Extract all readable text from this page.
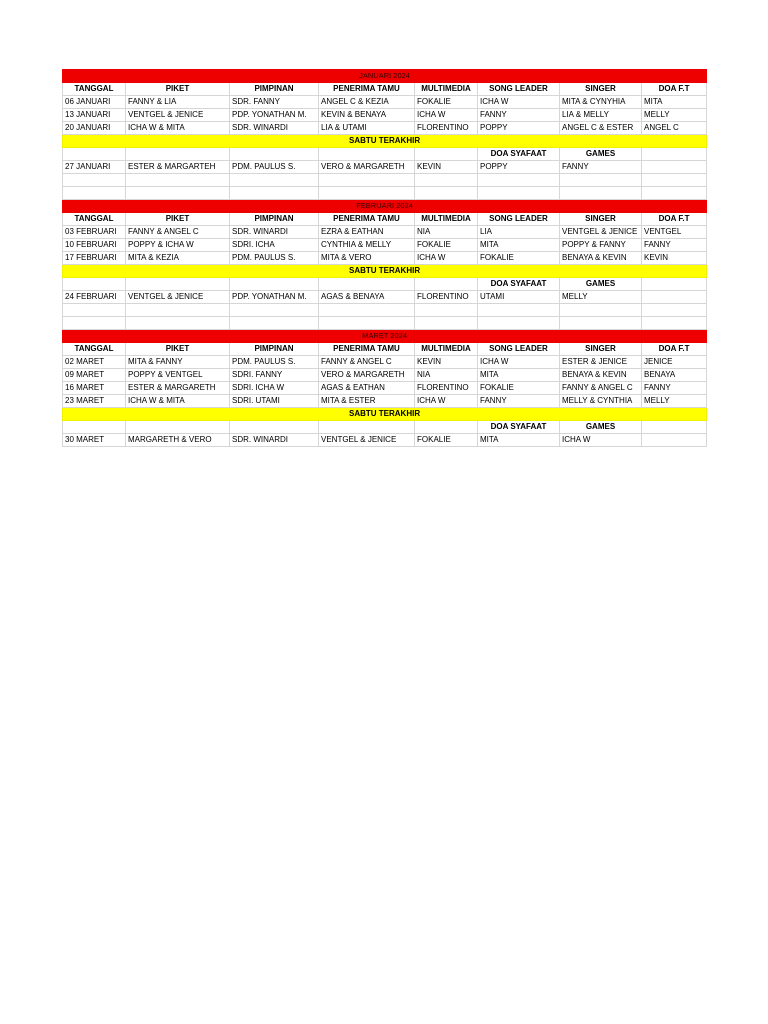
JANUARI 2024							
TANGGAL	PIKET	PIMPINAN	PENERIMA TAMU	MULTIMEDIA	SONG LEADER	SINGER	DOA F.T
06 JANUARI	FANNY & LIA	SDR. FANNY	ANGEL C & KEZIA	FOKALIE	ICHA W	MITA & CYNYHIA	MITA
13 JANUARI	VENTGEL & JENICE	PDP. YONATHAN M.	KEVIN & BENAYA	ICHA W	FANNY	LIA & MELLY	MELLY
20 JANUARI	ICHA W & MITA	SDR. WINARDI	LIA & UTAMI	FLORENTINO	POPPY	ANGEL C & ESTER	ANGEL C
SABTU TERAKHIR							
					DOA SYAFAAT	GAMES	
27 JANUARI	ESTER & MARGARTEH	PDM. PAULUS S.	VERO & MARGARETH	KEVIN	POPPY	FANNY	

FEBRUARI 2024							
TANGGAL	PIKET	PIMPINAN	PENERIMA TAMU	MULTIMEDIA	SONG LEADER	SINGER	DOA F.T
03 FEBRUARI	FANNY & ANGEL C	SDR. WINARDI	EZRA & EATHAN	NIA	LIA	VENTGEL & JENICE	VENTGEL
10 FEBRUARI	POPPY & ICHA W	SDRI. ICHA	CYNTHIA & MELLY	FOKALIE	MITA	POPPY & FANNY	FANNY
17 FEBRUARI	MITA & KEZIA	PDM. PAULUS S.	MITA & VERO	ICHA W	FOKALIE	BENAYA & KEVIN	KEVIN
SABTU TERAKHIR							
					DOA SYAFAAT	GAMES	
24 FEBRUARI	VENTGEL & JENICE	PDP. YONATHAN M.	AGAS & BENAYA	FLORENTINO	UTAMI	MELLY	

MARET 2024							
TANGGAL	PIKET	PIMPINAN	PENERIMA TAMU	MULTIMEDIA	SONG LEADER	SINGER	DOA F.T
02 MARET	MITA & FANNY	PDM. PAULUS S.	FANNY & ANGEL C	KEVIN	ICHA W	ESTER & JENICE	JENICE
09 MARET	POPPY & VENTGEL	SDRI. FANNY	VERO & MARGARETH	NIA	MITA	BENAYA & KEVIN	BENAYA
16 MARET	ESTER & MARGARETH	SDRI. ICHA W	AGAS & EATHAN	FLORENTINO	FOKALIE	FANNY & ANGEL C	FANNY
23 MARET	ICHA W & MITA	SDRI. UTAMI	MITA & ESTER	ICHA W	FANNY	MELLY & CYNTHIA	MELLY
SABTU TERAKHIR							
					DOA SYAFAAT	GAMES	
30 MARET	MARGARETH & VERO	SDR. WINARDI	VENTGEL & JENICE	FOKALIE	MITA	ICHA W	
